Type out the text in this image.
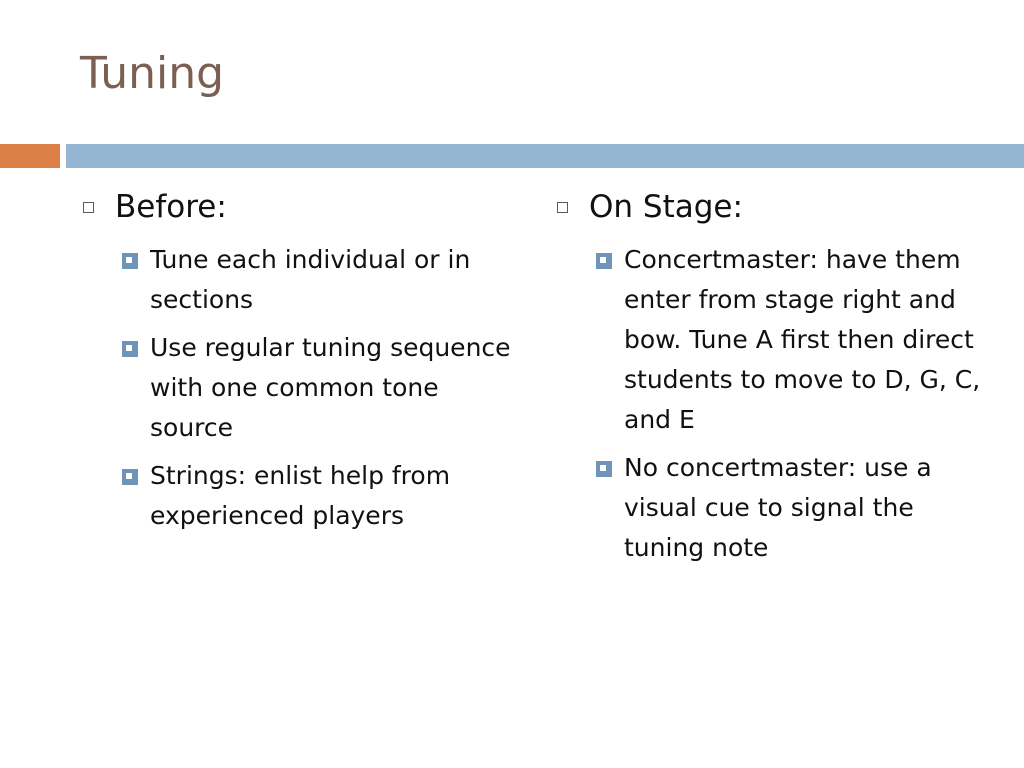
Tuning
Before:
Tune each individual or in sections
Use regular tuning sequence with one common tone source
Strings: enlist help from experienced players
On Stage:
Concertmaster: have them enter from stage right and bow. Tune A first then direct students to move to D, G, C, and E
No concertmaster: use a visual cue to signal the tuning note
